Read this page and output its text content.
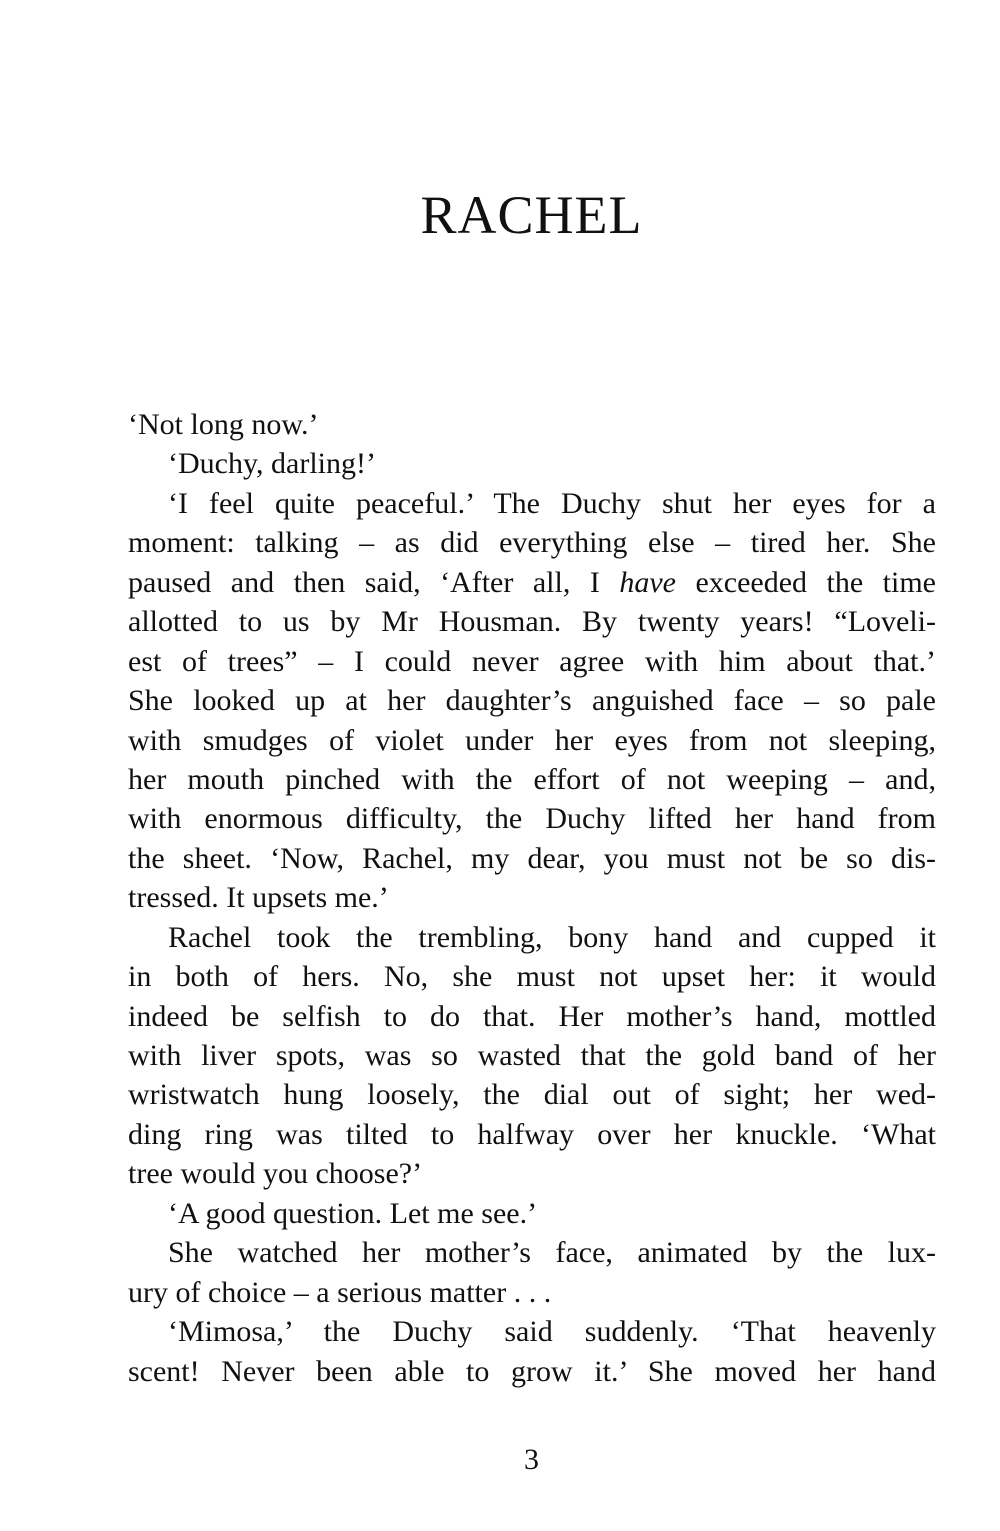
RACHEL
‘Not long now.’
‘Duchy, darling!’
‘I feel quite peaceful.’ The Duchy shut her eyes for a
moment: talking – as did everything else – tired her. She
paused and then said, ‘After all, I have exceeded the time
allotted to us by Mr Housman. By twenty years! “Loveli-
est of trees” – I could never agree with him about that.’
She looked up at her daughter’s anguished face – so pale
with smudges of violet under her eyes from not sleeping,
her mouth pinched with the effort of not weeping – and,
with enormous difficulty, the Duchy lifted her hand from
the sheet. ‘Now, Rachel, my dear, you must not be so dis-
tressed. It upsets me.’
Rachel took the trembling, bony hand and cupped it
in both of hers. No, she must not upset her: it would
indeed be selfish to do that. Her mother’s hand, mottled
with liver spots, was so wasted that the gold band of her
wristwatch hung loosely, the dial out of sight; her wed-
ding ring was tilted to halfway over her knuckle. ‘What
tree would you choose?’
‘A good question. Let me see.’
She watched her mother’s face, animated by the lux-
ury of choice – a serious matter . . .
‘Mimosa,’ the Duchy said suddenly. ‘That heavenly
scent! Never been able to grow it.’ She moved her hand
3
